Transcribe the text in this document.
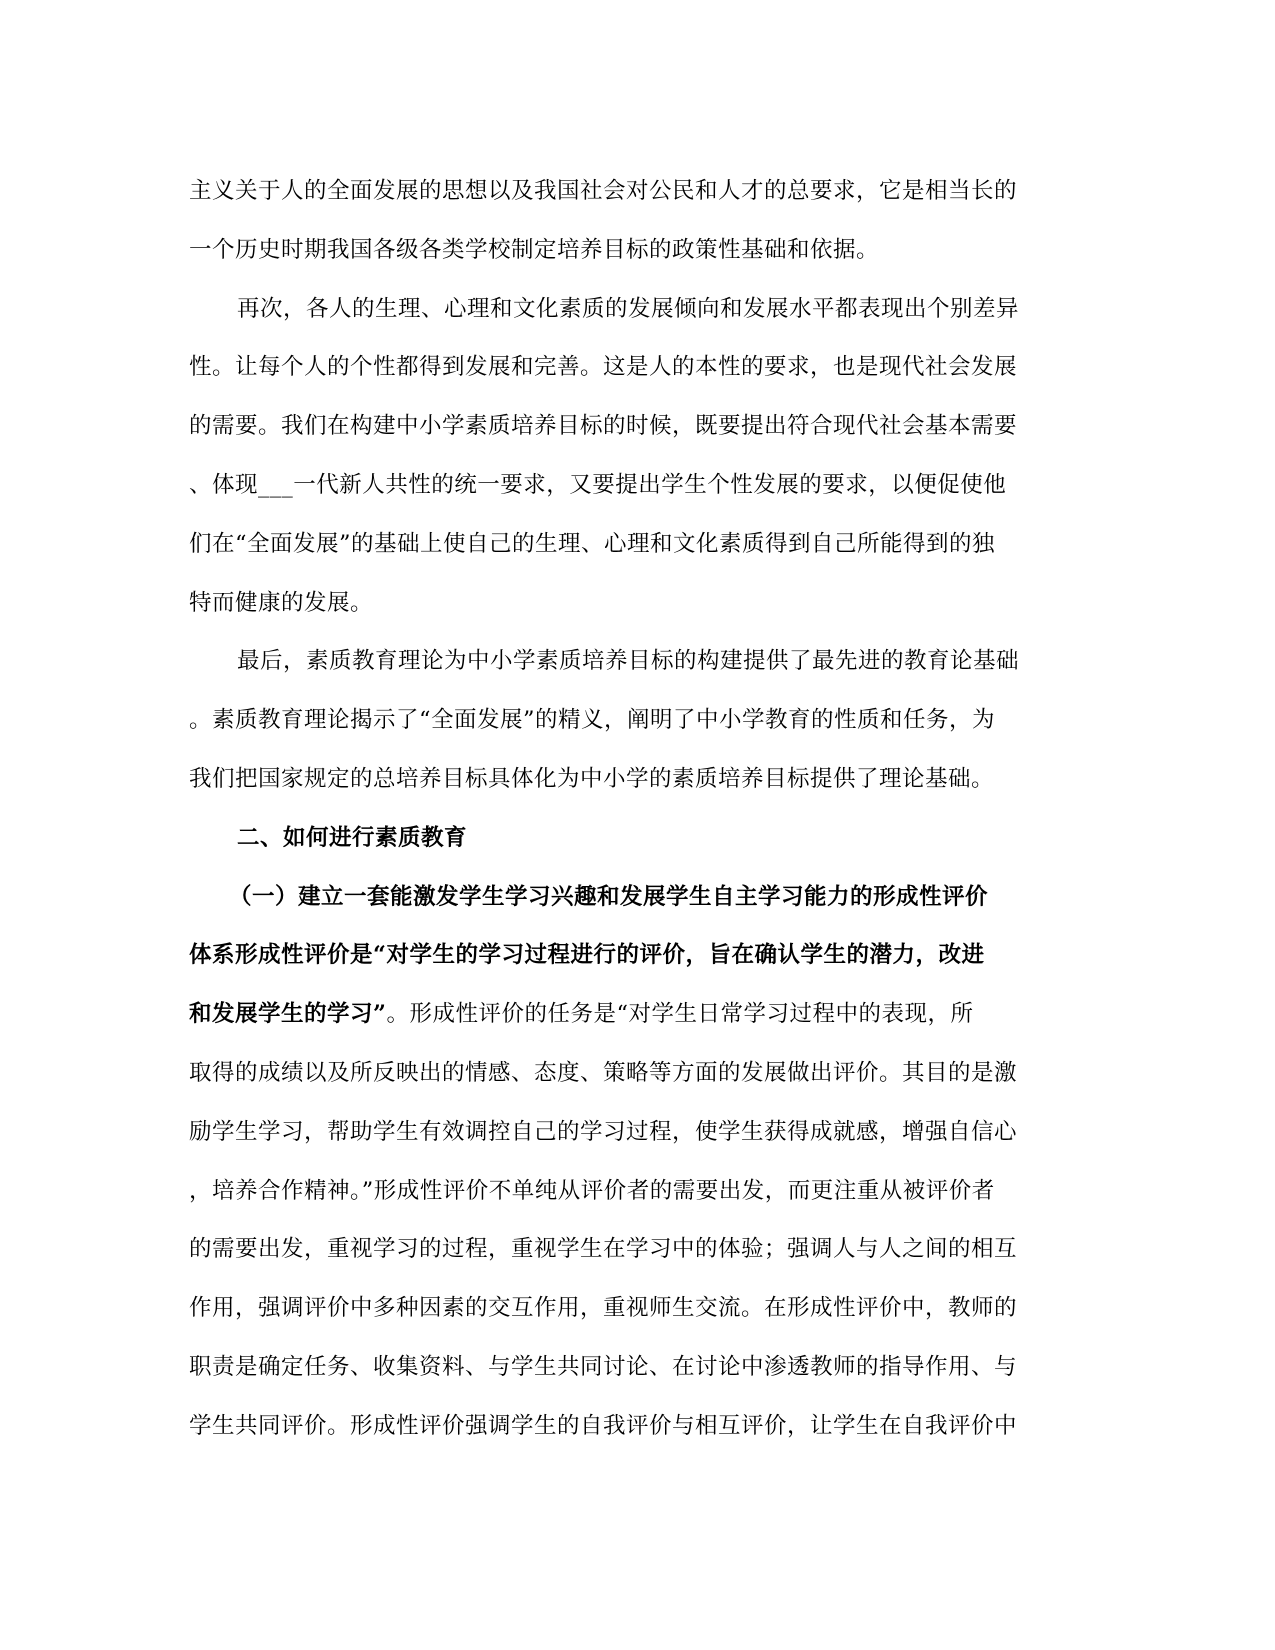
主义关于人的全面发展的思想以及我国社会对公民和人才的总要求，它是相当长的
一个历史时期我国各级各类学校制定培养目标的政策性基础和依据。
再次，各人的生理、心理和文化素质的发展倾向和发展水平都表现出个别差异
性。让每个人的个性都得到发展和完善。这是人的本性的要求，也是现代社会发展
的需要。我们在构建中小学素质培养目标的时候，既要提出符合现代社会基本需要
、体现___一代新人共性的统一要求，又要提出学生个性发展的要求，以便促使他
们在“全面发展”的基础上使自己的生理、心理和文化素质得到自己所能得到的独
特而健康的发展。
最后，素质教育理论为中小学素质培养目标的构建提供了最先进的教育论基础
。素质教育理论揭示了“全面发展”的精义，阐明了中小学教育的性质和任务，为
我们把国家规定的总培养目标具体化为中小学的素质培养目标提供了理论基础。
二、如何进行素质教育
（一）建立一套能激发学生学习兴趣和发展学生自主学习能力的形成性评价
体系形成性评价是“对学生的学习过程进行的评价，旨在确认学生的潜力，改进
和发展学生的学习”。形成性评价的任务是“对学生日常学习过程中的表现，所
取得的成绩以及所反映出的情感、态度、策略等方面的发展做出评价。其目的是激
励学生学习，帮助学生有效调控自己的学习过程，使学生获得成就感，增强自信心
，培养合作精神。”形成性评价不单纯从评价者的需要出发，而更注重从被评价者
的需要出发，重视学习的过程，重视学生在学习中的体验；强调人与人之间的相互
作用，强调评价中多种因素的交互作用，重视师生交流。在形成性评价中，教师的
职责是确定任务、收集资料、与学生共同讨论、在讨论中渗透教师的指导作用、与
学生共同评价。形成性评价强调学生的自我评价与相互评价，让学生在自我评价中
